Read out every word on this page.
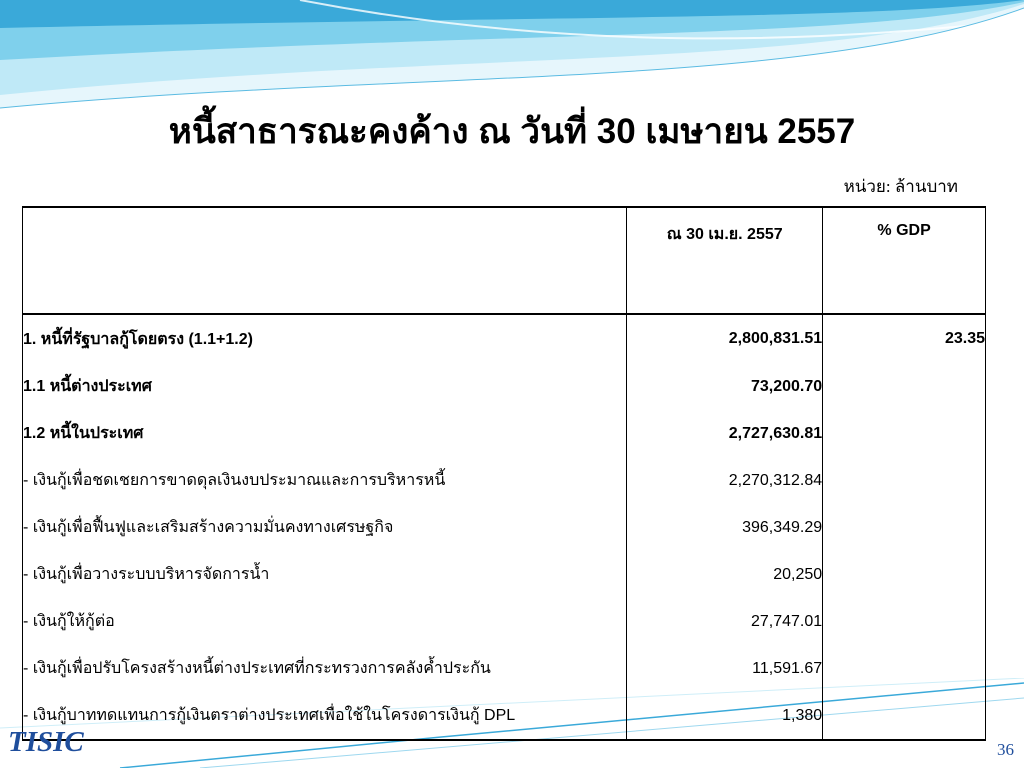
หนี้สาธารณะคงค้าง ณ วันที่ 30 เมษายน 2557
หน่วย: ล้านบาท
	ณ 30 เม.ย. 2557	% GDP
1. หนี้ที่รัฐบาลกู้โดยตรง (1.1+1.2)	2,800,831.51	23.35
1.1 หนี้ต่างประเทศ	73,200.70	
1.2 หนี้ในประเทศ	2,727,630.81	
- เงินกู้เพื่อชดเชยการขาดดุลเงินงบประมาณและการบริหารหนี้	2,270,312.84	
- เงินกู้เพื่อฟื้นฟูและเสริมสร้างความมั่นคงทางเศรษฐกิจ	396,349.29	
- เงินกู้เพื่อวางระบบบริหารจัดการน้ำ	20,250	
- เงินกู้ให้กู้ต่อ	27,747.01	
- เงินกู้เพื่อปรับโครงสร้างหนี้ต่างประเทศที่กระทรวงการคลังค้ำประกัน	11,591.67	
- เงินกู้บาททดแทนการกู้เงินตราต่างประเทศเพื่อใช้ในโครงดารเงินกู้ DPL	1,380	
TISIC	36
